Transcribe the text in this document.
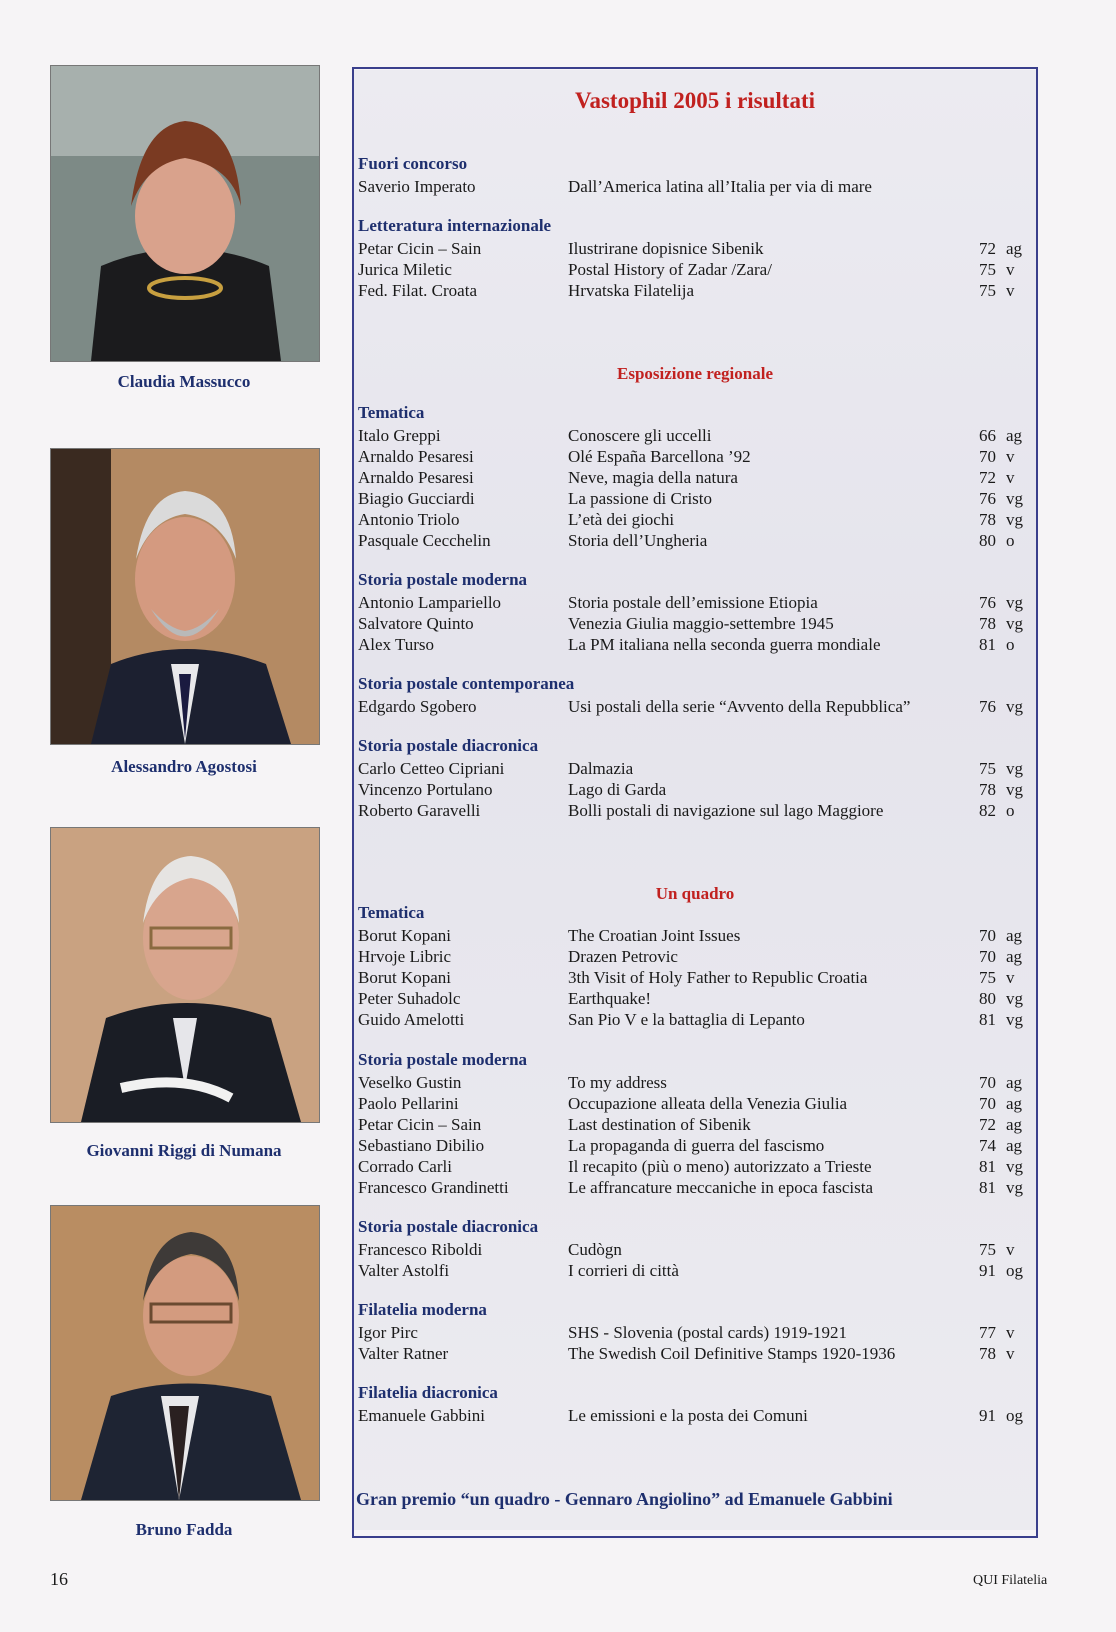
Claudia Massucco
Alessandro Agostosi
Giovanni Riggi di Numana
Bruno Fadda
Vastophil 2005 i risultati
Fuori concorso
Saverio Imperato	Dall’America latina all’Italia per via di mare
Letteratura internazionale
Petar Cicin – Sain	Ilustrirane dopisnice Sibenik	72 ag
Jurica Miletic	Postal History of Zadar /Zara/	75 v
Fed. Filat. Croata	Hrvatska Filatelija	75 v
Esposizione regionale
Tematica
Italo Greppi	Conoscere gli uccelli	66 ag
Arnaldo Pesaresi	Olé España Barcellona ’92	70 v
Arnaldo Pesaresi	Neve, magia della natura	72 v
Biagio Gucciardi	La passione di Cristo	76 vg
Antonio Triolo	L’età dei giochi	78 vg
Pasquale Cecchelin	Storia dell’Ungheria	80 o
Storia postale moderna
Antonio Lampariello	Storia postale dell’emissione Etiopia	76 vg
Salvatore Quinto	Venezia Giulia maggio-settembre 1945	78 vg
Alex Turso	La PM italiana nella seconda guerra mondiale	81 o
Storia postale contemporanea
Edgardo Sgobero	Usi postali della serie “Avvento della Repubblica”	76 vg
Storia postale diacronica
Carlo Cetteo Cipriani	Dalmazia	75 vg
Vincenzo Portulano	Lago di Garda	78 vg
Roberto Garavelli	Bolli postali di navigazione sul lago Maggiore	82 o
Un quadro
Tematica
Borut Kopani	The Croatian Joint Issues	70 ag
Hrvoje Libric	Drazen Petrovic	70 ag
Borut Kopani	3th Visit of Holy Father to Republic Croatia	75 v
Peter Suhadolc	Earthquake!	80 vg
Guido Amelotti	San Pio V e la battaglia di Lepanto	81 vg
Storia postale moderna
Veselko Gustin	To my address	70 ag
Paolo Pellarini	Occupazione alleata della Venezia Giulia	70 ag
Petar Cicin – Sain	Last destination of Sibenik	72 ag
Sebastiano Dibilio	La propaganda di guerra del fascismo	74 ag
Corrado Carli	Il recapito (più o meno) autorizzato a Trieste	81 vg
Francesco Grandinetti	Le affrancature meccaniche in epoca fascista	81 vg
Storia postale diacronica
Francesco Riboldi	Cudògn	75 v
Valter Astolfi	I corrieri di città	91 og
Filatelia moderna
Igor Pirc	SHS - Slovenia (postal cards) 1919-1921	77 v
Valter Ratner	The Swedish Coil Definitive Stamps 1920-1936	78 v
Filatelia diacronica
Emanuele Gabbini	Le emissioni e la posta dei Comuni	91 og
Gran premio “un quadro - Gennaro Angiolino” ad Emanuele Gabbini
16	QUI Filatelia
